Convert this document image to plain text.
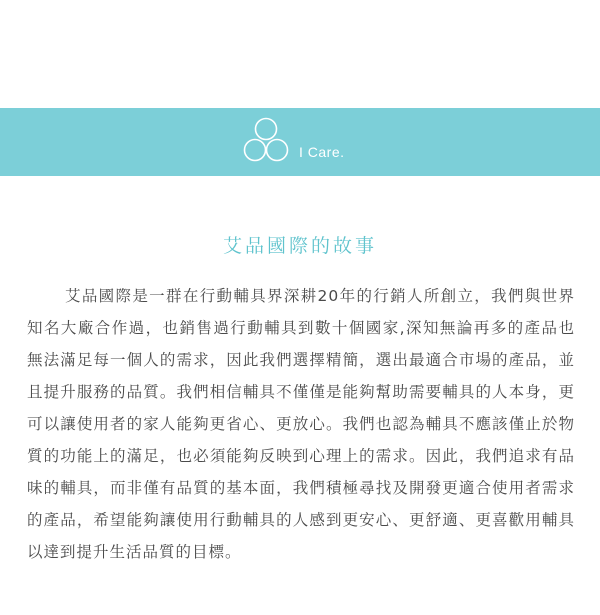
I Care.
艾品國際的故事

艾品國際是一群在行動輔具界深耕20年的行銷人所創立，我們與世界知名大廠合作過，也銷售過行動輔具到數十個國家,深知無論再多的產品也無法滿足每一個人的需求，因此我們選擇精簡，選出最適合市場的產品，並且提升服務的品質。我們相信輔具不僅僅是能夠幫助需要輔具的人本身，更可以讓使用者的家人能夠更省心、更放心。我們也認為輔具不應該僅止於物質的功能上的滿足，也必須能夠反映到心理上的需求。因此，我們追求有品味的輔具，而非僅有品質的基本面，我們積極尋找及開發更適合使用者需求的產品，希望能夠讓使用行動輔具的人感到更安心、更舒適、更喜歡用輔具以達到提升生活品質的目標。
